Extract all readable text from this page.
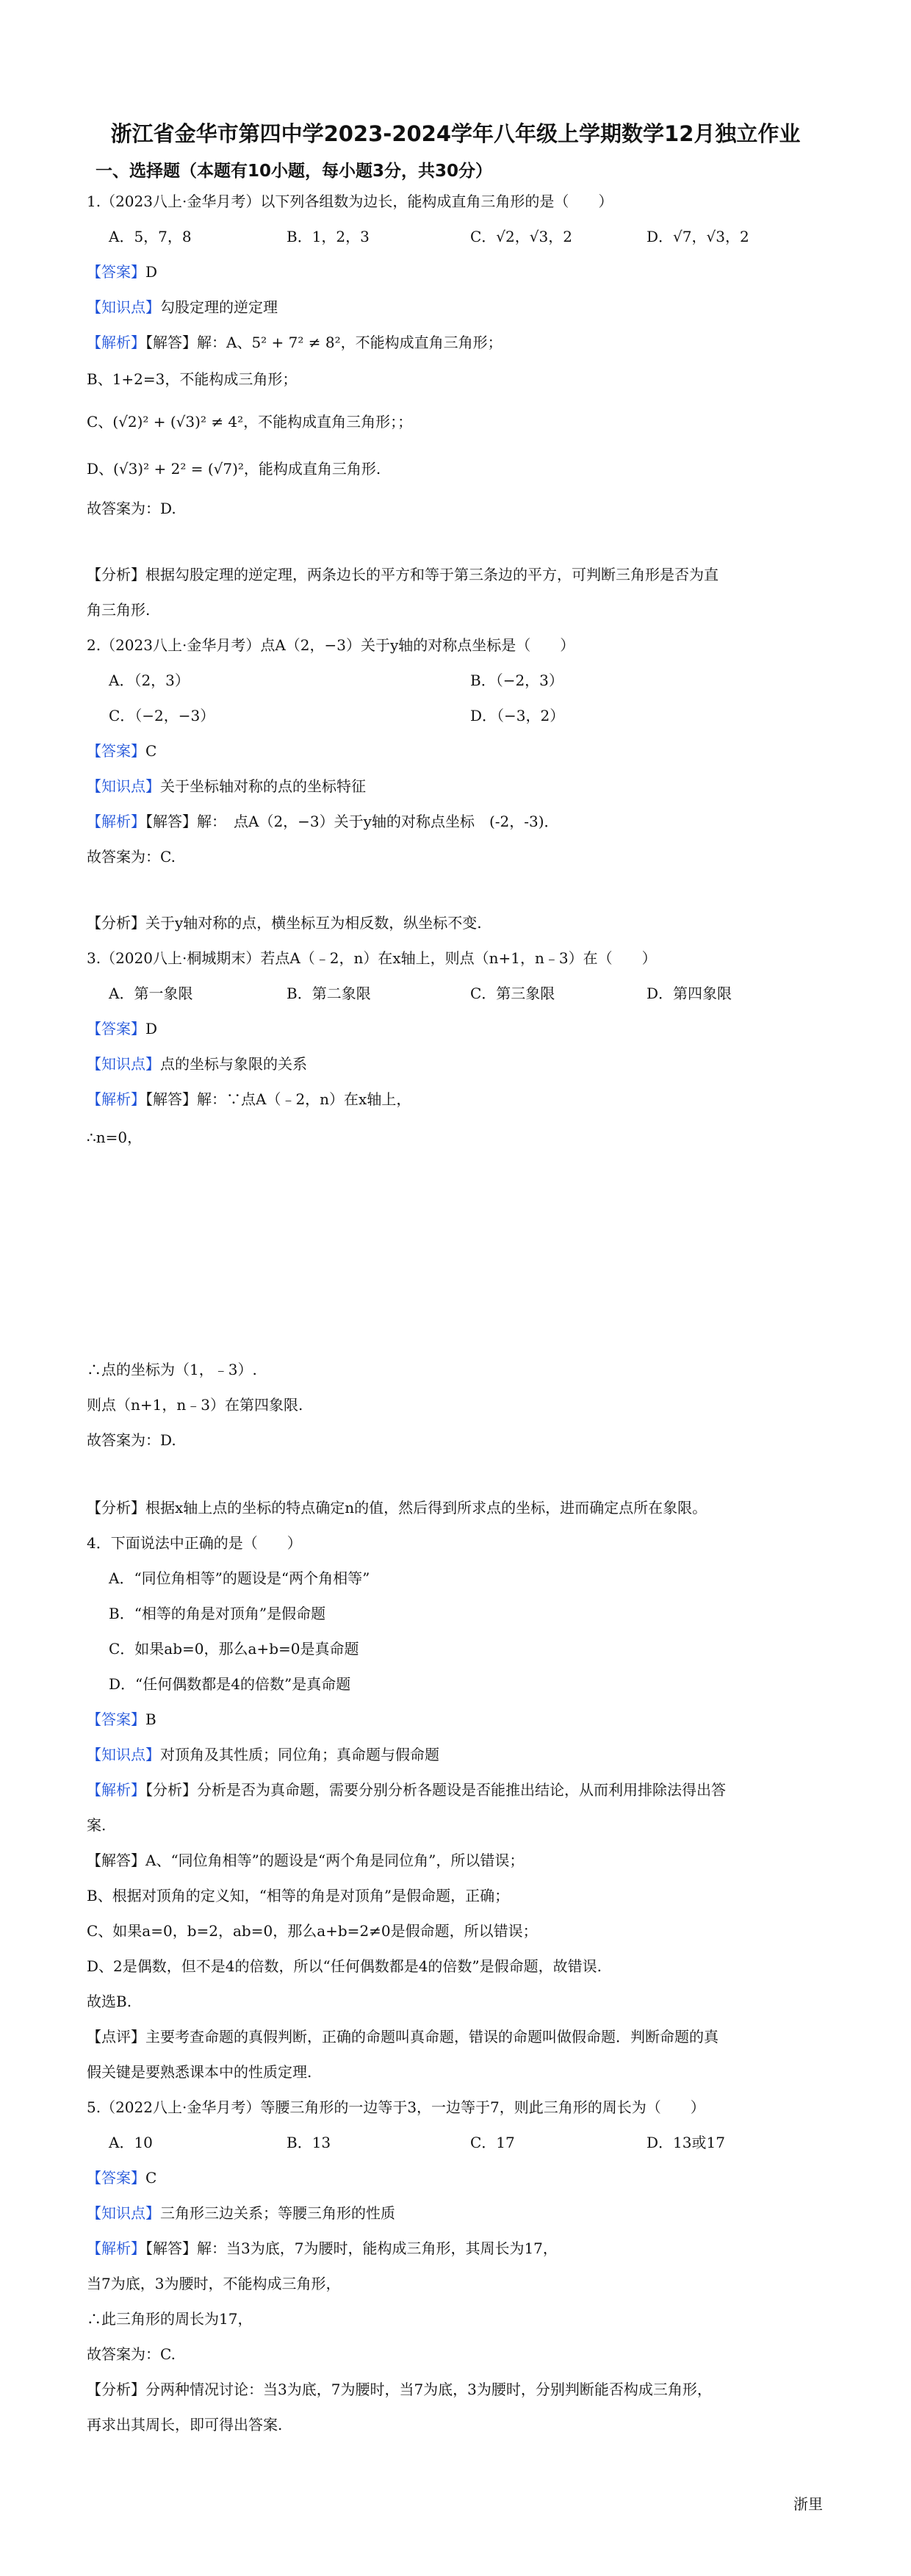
浙江省金华市第四中学2023-2024学年八年级上学期数学12月独立作业
一、选择题（本题有10小题，每小题3分，共30分）
1.（2023八上·金华月考）以下列各组数为边长，能构成直角三角形的是（　　）
A．5，7，8	B．1，2，3	C．√2，√3，2	D．√7，√3，2
【答案】D
【知识点】勾股定理的逆定理
【解析】【解答】解：A、5² + 7² ≠ 8²，不能构成直角三角形；
B、1+2=3，不能构成三角形；
C、(√2)² + (√3)² ≠ 4²，不能构成直角三角形；；
D、(√3)² + 2² = (√7)²，能构成直角三角形.
故答案为：D.
【分析】根据勾股定理的逆定理，两条边长的平方和等于第三条边的平方，可判断三角形是否为直
角三角形.
2.（2023八上·金华月考）点A（2，−3）关于y轴的对称点坐标是（　　）
A．（2，3）	B．（−2，3）
C．（−2，−3）	D．（−3，2）
【答案】C
【知识点】关于坐标轴对称的点的坐标特征
【解析】【解答】解：　点A（2，−3）关于y轴的对称点坐标　(-2，-3)．
故答案为：C.
【分析】关于y轴对称的点，横坐标互为相反数，纵坐标不变.
3.（2020八上·桐城期末）若点A（﹣2，n）在x轴上，则点（n+1，n﹣3）在（　　）
A．第一象限	B．第二象限	C．第三象限	D．第四象限
【答案】D
【知识点】点的坐标与象限的关系
【解析】【解答】解：∵点A（﹣2，n）在x轴上，
∴n=0，
∴点的坐标为（1，﹣3）.
则点（n+1，n﹣3）在第四象限.
故答案为：D.
【分析】根据x轴上点的坐标的特点确定n的值，然后得到所求点的坐标，进而确定点所在象限。
4．下面说法中正确的是（　　）
A．“同位角相等”的题设是“两个角相等”
B．“相等的角是对顶角”是假命题
C．如果ab=0，那么a+b=0是真命题
D．“任何偶数都是4的倍数”是真命题
【答案】B
【知识点】对顶角及其性质；同位角；真命题与假命题
【解析】【分析】分析是否为真命题，需要分别分析各题设是否能推出结论，从而利用排除法得出答
案.
【解答】A、“同位角相等”的题设是“两个角是同位角”，所以错误；
B、根据对顶角的定义知，“相等的角是对顶角”是假命题，正确；
C、如果a=0，b=2，ab=0，那么a+b=2≠0是假命题，所以错误；
D、2是偶数，但不是4的倍数，所以“任何偶数都是4的倍数”是假命题，故错误.
故选B.
【点评】主要考查命题的真假判断，正确的命题叫真命题，错误的命题叫做假命题．判断命题的真
假关键是要熟悉课本中的性质定理.
5.（2022八上·金华月考）等腰三角形的一边等于3，一边等于7，则此三角形的周长为（　　）
A．10	B．13	C．17	D．13或17
【答案】C
【知识点】三角形三边关系；等腰三角形的性质
【解析】【解答】解：当3为底，7为腰时，能构成三角形，其周长为17，
当7为底，3为腰时，不能构成三角形，
∴此三角形的周长为17，
故答案为：C.
【分析】分两种情况讨论：当3为底，7为腰时，当7为底，3为腰时，分别判断能否构成三角形，
再求出其周长，即可得出答案.
浙里
